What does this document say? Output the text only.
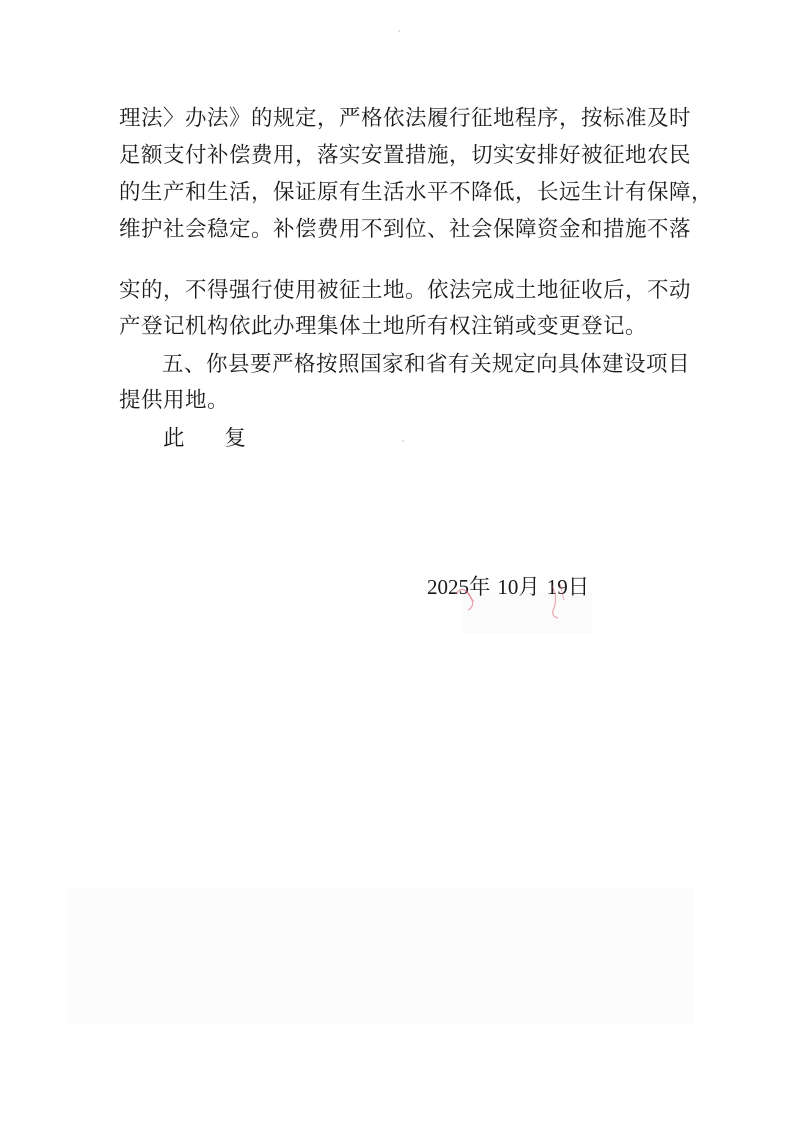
理法〉办法》的规定，严格依法履行征地程序，按标准及时
足额支付补偿费用，落实安置措施，切实安排好被征地农民
的生产和生活，保证原有生活水平不降低，长远生计有保障，
维护社会稳定。补偿费用不到位、社会保障资金和措施不落
实的，不得强行使用被征土地。依法完成土地征收后，不动
产登记机构依此办理集体土地所有权注销或变更登记。
五、你县要严格按照国家和省有关规定向具体建设项目
提供用地。
此 复
2025年 10月 19日
